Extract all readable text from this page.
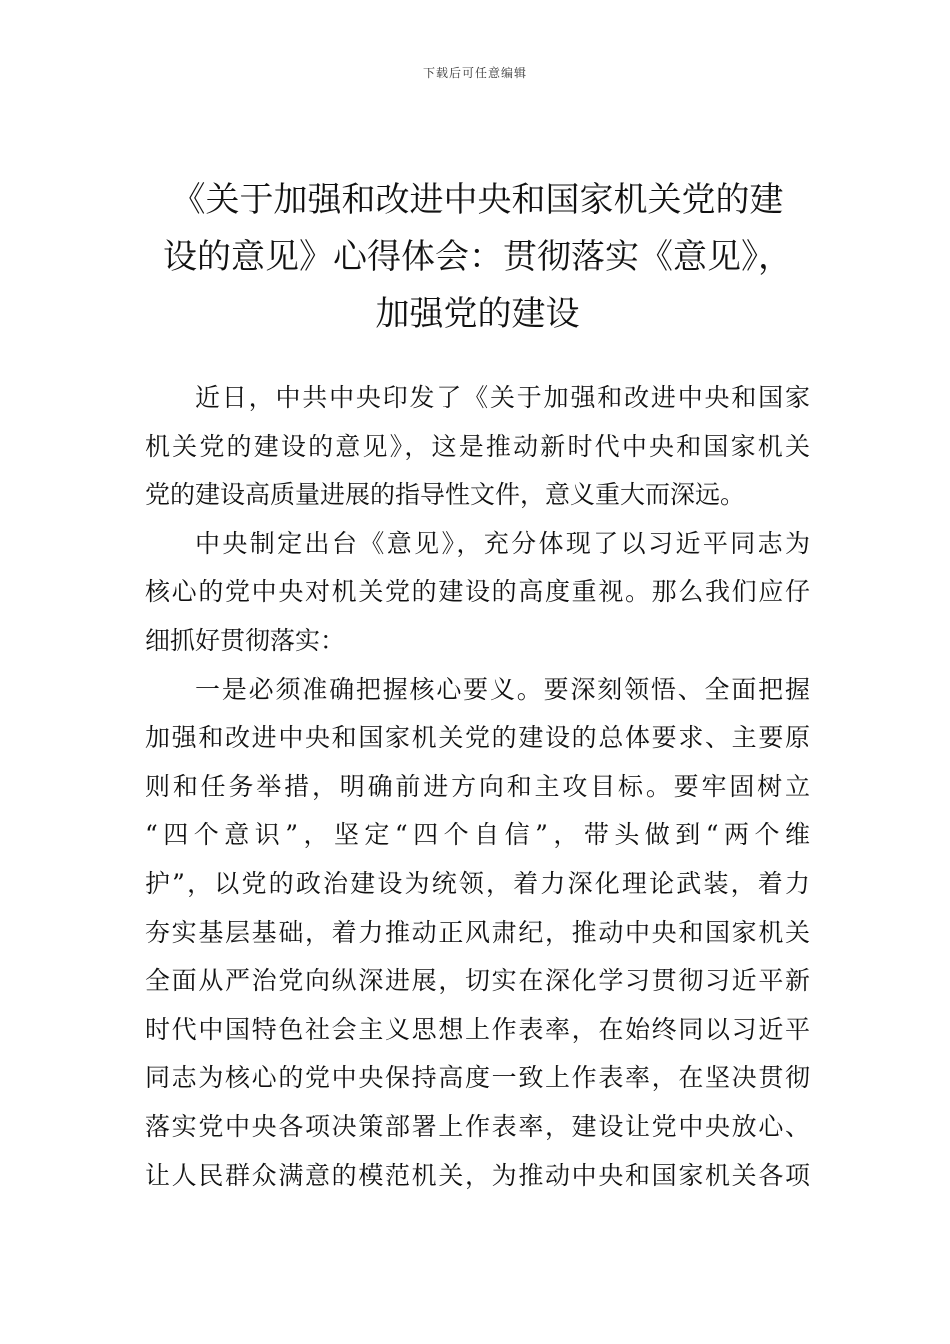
下载后可任意编辑
《关于加强和改进中央和国家机关党的建
设的意见》心得体会：贯彻落实《意见》，
加强党的建设
近日，中共中央印发了《关于加强和改进中央和国家
机关党的建设的意见》，这是推动新时代中央和国家机关
党的建设高质量进展的指导性文件，意义重大而深远。
中央制定出台《意见》，充分体现了以习近平同志为
核心的党中央对机关党的建设的高度重视。那么我们应仔
细抓好贯彻落实：
一是必须准确把握核心要义。要深刻领悟、全面把握
加强和改进中央和国家机关党的建设的总体要求、主要原
则和任务举措，明确前进方向和主攻目标。要牢固树立
“四个意识”，坚定“四个自信”，带头做到“两个维
护”，以党的政治建设为统领，着力深化理论武装，着力
夯实基层基础，着力推动正风肃纪，推动中央和国家机关
全面从严治党向纵深进展，切实在深化学习贯彻习近平新
时代中国特色社会主义思想上作表率，在始终同以习近平
同志为核心的党中央保持高度一致上作表率，在坚决贯彻
落实党中央各项决策部署上作表率，建设让党中央放心、
让人民群众满意的模范机关，为推动中央和国家机关各项
